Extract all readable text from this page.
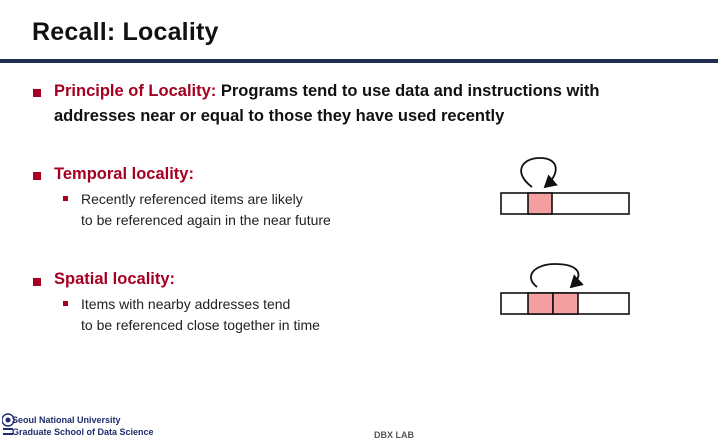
Recall: Locality
Principle of Locality: Programs tend to use data and instructions with
addresses near or equal to those they have used recently
Temporal locality:
Recently referenced items are likely
to be referenced again in the near future
Spatial locality:
Items with nearby addresses tend
to be referenced close together in time
Seoul National University
Graduate School of Data Science	DBX LAB
